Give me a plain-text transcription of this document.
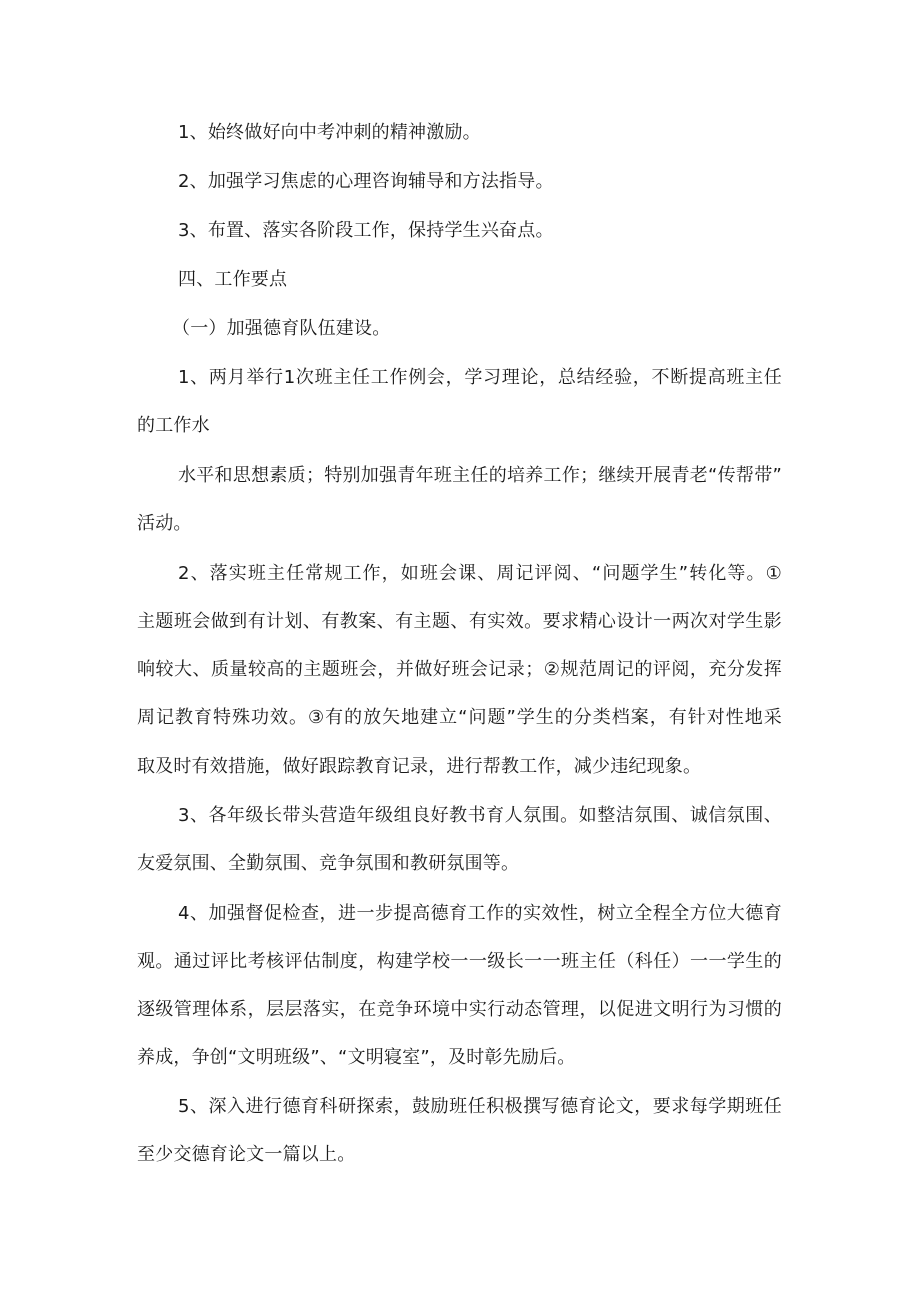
1、始终做好向中考冲刺的精神激励。
2、加强学习焦虑的心理咨询辅导和方法指导。
3、布置、落实各阶段工作，保持学生兴奋点。
四、工作要点
（一）加强德育队伍建设。
1、两月举行1次班主任工作例会，学习理论，总结经验，不断提高班主任
的工作水
水平和思想素质；特别加强青年班主任的培养工作；继续开展青老“传帮带”
活动。
2、落实班主任常规工作，如班会课、周记评阅、“问题学生”转化等。①
主题班会做到有计划、有教案、有主题、有实效。要求精心设计一两次对学生影
响较大、质量较高的主题班会，并做好班会记录；②规范周记的评阅，充分发挥
周记教育特殊功效。③有的放矢地建立“问题”学生的分类档案，有针对性地采
取及时有效措施，做好跟踪教育记录，进行帮教工作，减少违纪现象。
3、各年级长带头营造年级组良好教书育人氛围。如整洁氛围、诚信氛围、
友爱氛围、全勤氛围、竞争氛围和教研氛围等。
4、加强督促检查，进一步提高德育工作的实效性，树立全程全方位大德育
观。通过评比考核评估制度，构建学校一一级长一一班主任（科任）一一学生的
逐级管理体系，层层落实，在竞争环境中实行动态管理，以促进文明行为习惯的
养成，争创“文明班级”、“文明寝室”，及时彰先励后。
5、深入进行德育科研探索，鼓励班任积极撰写德育论文，要求每学期班任
至少交德育论文一篇以上。
